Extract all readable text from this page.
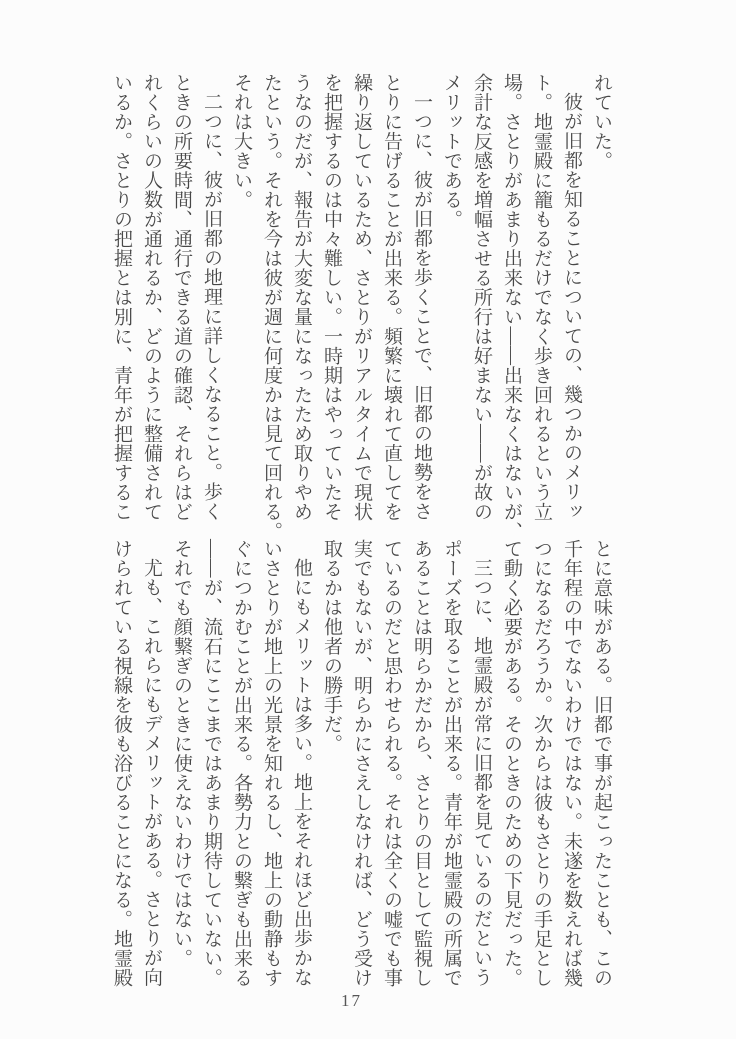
れていた。
彼が旧都を知ることについての、幾つかのメリッ
ト。地霊殿に籠もるだけでなく歩き回れるという立
場。さとりがあまり出来ない――出来なくはないが、
余計な反感を増幅させる所行は好まない――が故の
メリットである。
一つに、彼が旧都を歩くことで、旧都の地勢をさ
とりに告げることが出来る。頻繁に壊れて直してを
繰り返しているため、さとりがリアルタイムで現状
を把握するのは中々難しい。一時期はやっていたそ
うなのだが、報告が大変な量になったため取りやめ
たという。それを今は彼が週に何度かは見て回れる。
それは大きい。
二つに、彼が旧都の地理に詳しくなること。歩く
ときの所要時間、通行できる道の確認、それらはど
れくらいの人数が通れるか、どのように整備されて
いるか。さとりの把握とは別に、青年が把握するこ
とに意味がある。旧都で事が起こったことも、この
千年程の中でないわけではない。未遂を数えれば幾
つになるだろうか。次からは彼もさとりの手足とし
て動く必要がある。そのときのための下見だった。
三つに、地霊殿が常に旧都を見ているのだという
ポーズを取ることが出来る。青年が地霊殿の所属で
あることは明らかだから、さとりの目として監視し
ているのだと思わせられる。それは全くの嘘でも事
実でもないが、明らかにさえしなければ、どう受け
取るかは他者の勝手だ。
他にもメリットは多い。地上をそれほど出歩かな
いさとりが地上の光景を知れるし、地上の動静もす
ぐにつかむことが出来る。各勢力との繋ぎも出来る
――が、流石にここまではあまり期待していない。
それでも顔繋ぎのときに使えないわけではない。
尤も、これらにもデメリットがある。さとりが向
けられている視線を彼も浴びることになる。地霊殿
17
